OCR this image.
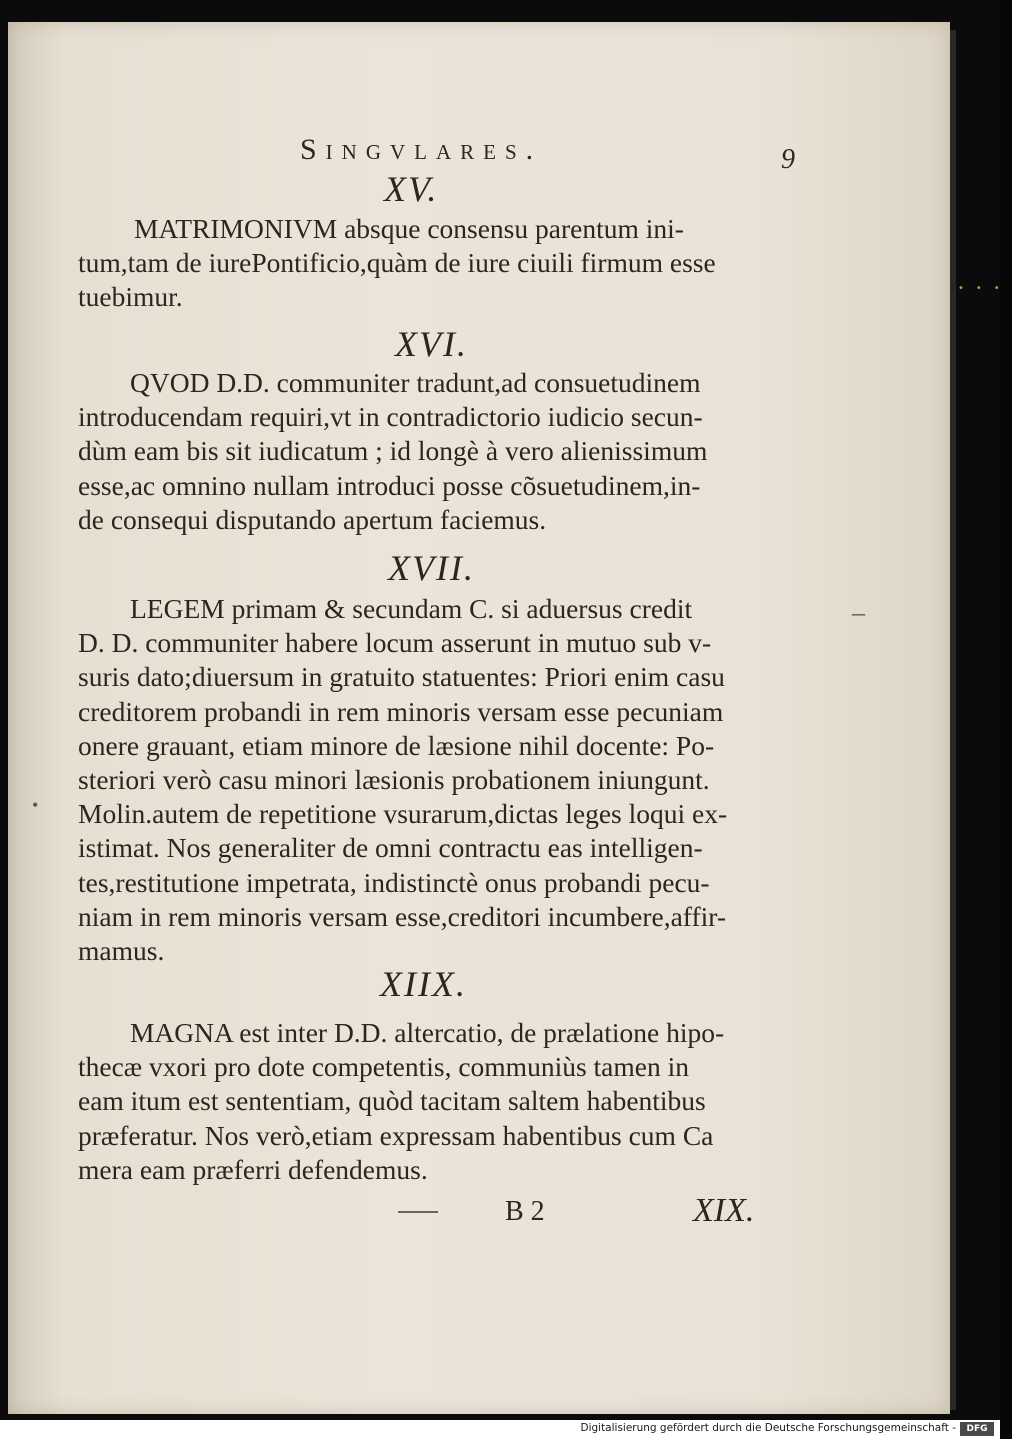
•••
Singvlares.	9
XV.
MATRIMONIVM absque consensu parentum ini-
tum,tam de iurePontificio,quàm de iure ciuili firmum esse
tuebimur.
XVI.
QVOD D.D. communiter tradunt,ad consuetudinem
introducendam requiri,vt in contradictorio iudicio secun-
dùm eam bis sit iudicatum ; id longè à vero alienissimum
esse,ac omnino nullam introduci posse cõsuetudinem,in-
de consequi disputando apertum faciemus.
XVII.
LEGEM primam & secundam C. si aduersus credit
D. D. communiter habere locum asserunt in mutuo sub v-
suris dato;diuersum in gratuito statuentes: Priori enim casu
creditorem probandi in rem minoris versam esse pecuniam
onere grauant, etiam minore de læsione nihil docente: Po-
steriori verò casu minori læsionis probationem iniungunt.
Molin.autem de repetitione vsurarum,dictas leges loqui ex-
istimat. Nos generaliter de omni contractu eas intelligen-
tes,restitutione impetrata, indistinctè onus probandi pecu-
niam in rem minoris versam esse,creditori incumbere,affir-
mamus.
XIIX.
MAGNA est inter D.D. altercatio, de prælatione hipo-
thecæ vxori pro dote competentis, communiùs tamen in
eam itum est sententiam, quòd tacitam saltem habentibus
præferatur. Nos verò,etiam expressam habentibus cum Ca
mera eam præferri defendemus.
B 2	XIX.
–
•
Digitalisierung gefördert durch die Deutsche Forschungsgemeinschaft -	DFG
